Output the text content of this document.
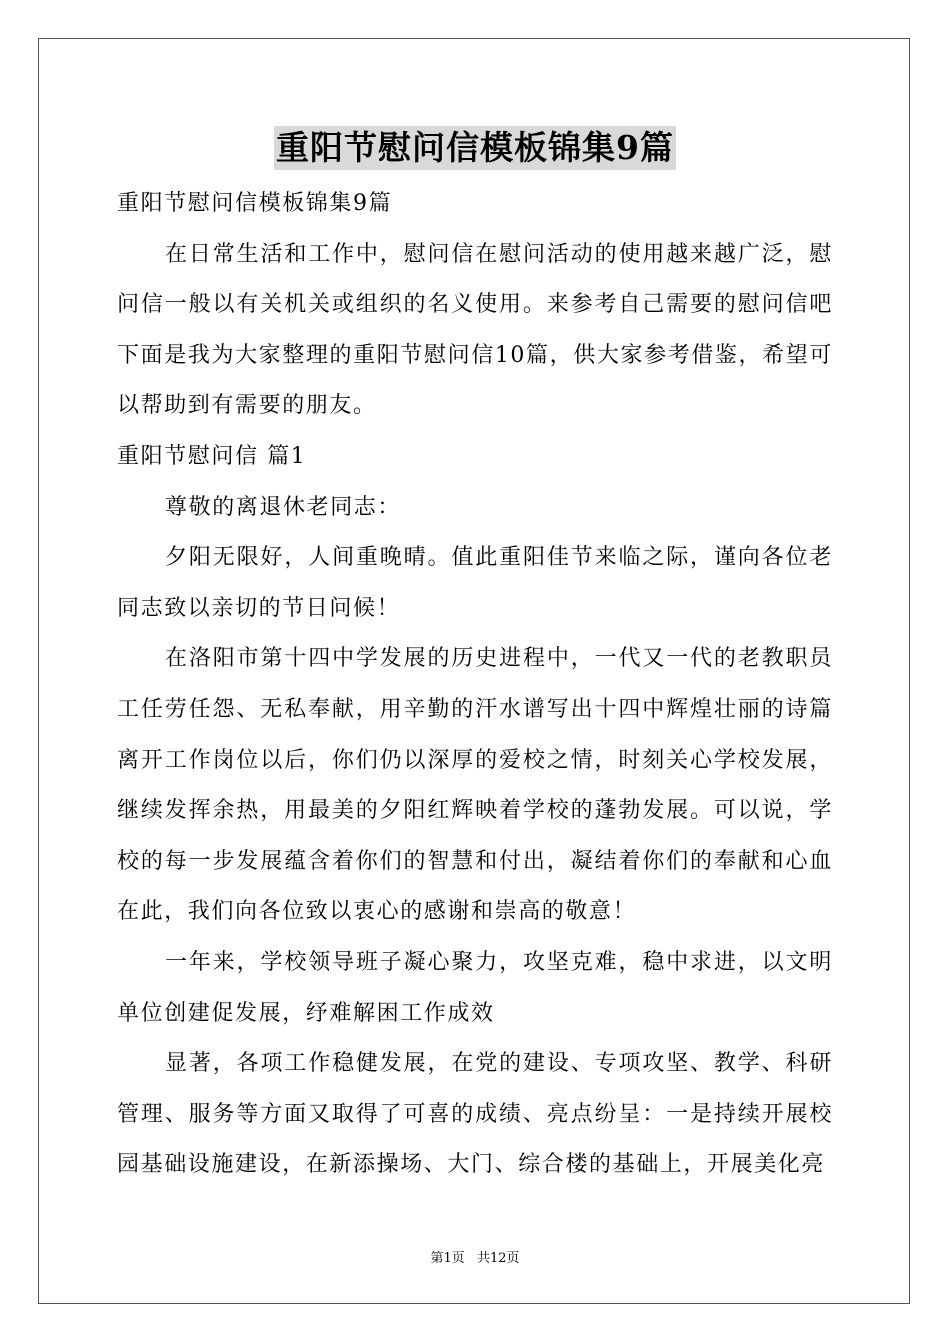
重阳节慰问信模板锦集9篇
重阳节慰问信模板锦集9篇

在日常生活和工作中，慰问信在慰问活动的使用越来越广泛，慰问信一般以有关机关或组织的名义使用。来参考自己需要的慰问信吧下面是我为大家整理的重阳节慰问信10篇，供大家参考借鉴，希望可以帮助到有需要的朋友。

重阳节慰问信 篇1

尊敬的离退休老同志：

夕阳无限好，人间重晚晴。值此重阳佳节来临之际，谨向各位老同志致以亲切的节日问候！

在洛阳市第十四中学发展的历史进程中，一代又一代的老教职员工任劳任怨、无私奉献，用辛勤的汗水谱写出十四中辉煌壮丽的诗篇离开工作岗位以后，你们仍以深厚的爱校之情，时刻关心学校发展，继续发挥余热，用最美的夕阳红辉映着学校的蓬勃发展。可以说，学校的每一步发展蕴含着你们的智慧和付出，凝结着你们的奉献和心血在此，我们向各位致以衷心的感谢和崇高的敬意！

一年来，学校领导班子凝心聚力，攻坚克难，稳中求进，以文明单位创建促发展，纾难解困工作成效

显著，各项工作稳健发展，在党的建设、专项攻坚、教学、科研管理、服务等方面又取得了可喜的成绩、亮点纷呈：一是持续开展校园基础设施建设，在新添操场、大门、综合楼的基础上，开展美化亮

第1页 共12页
